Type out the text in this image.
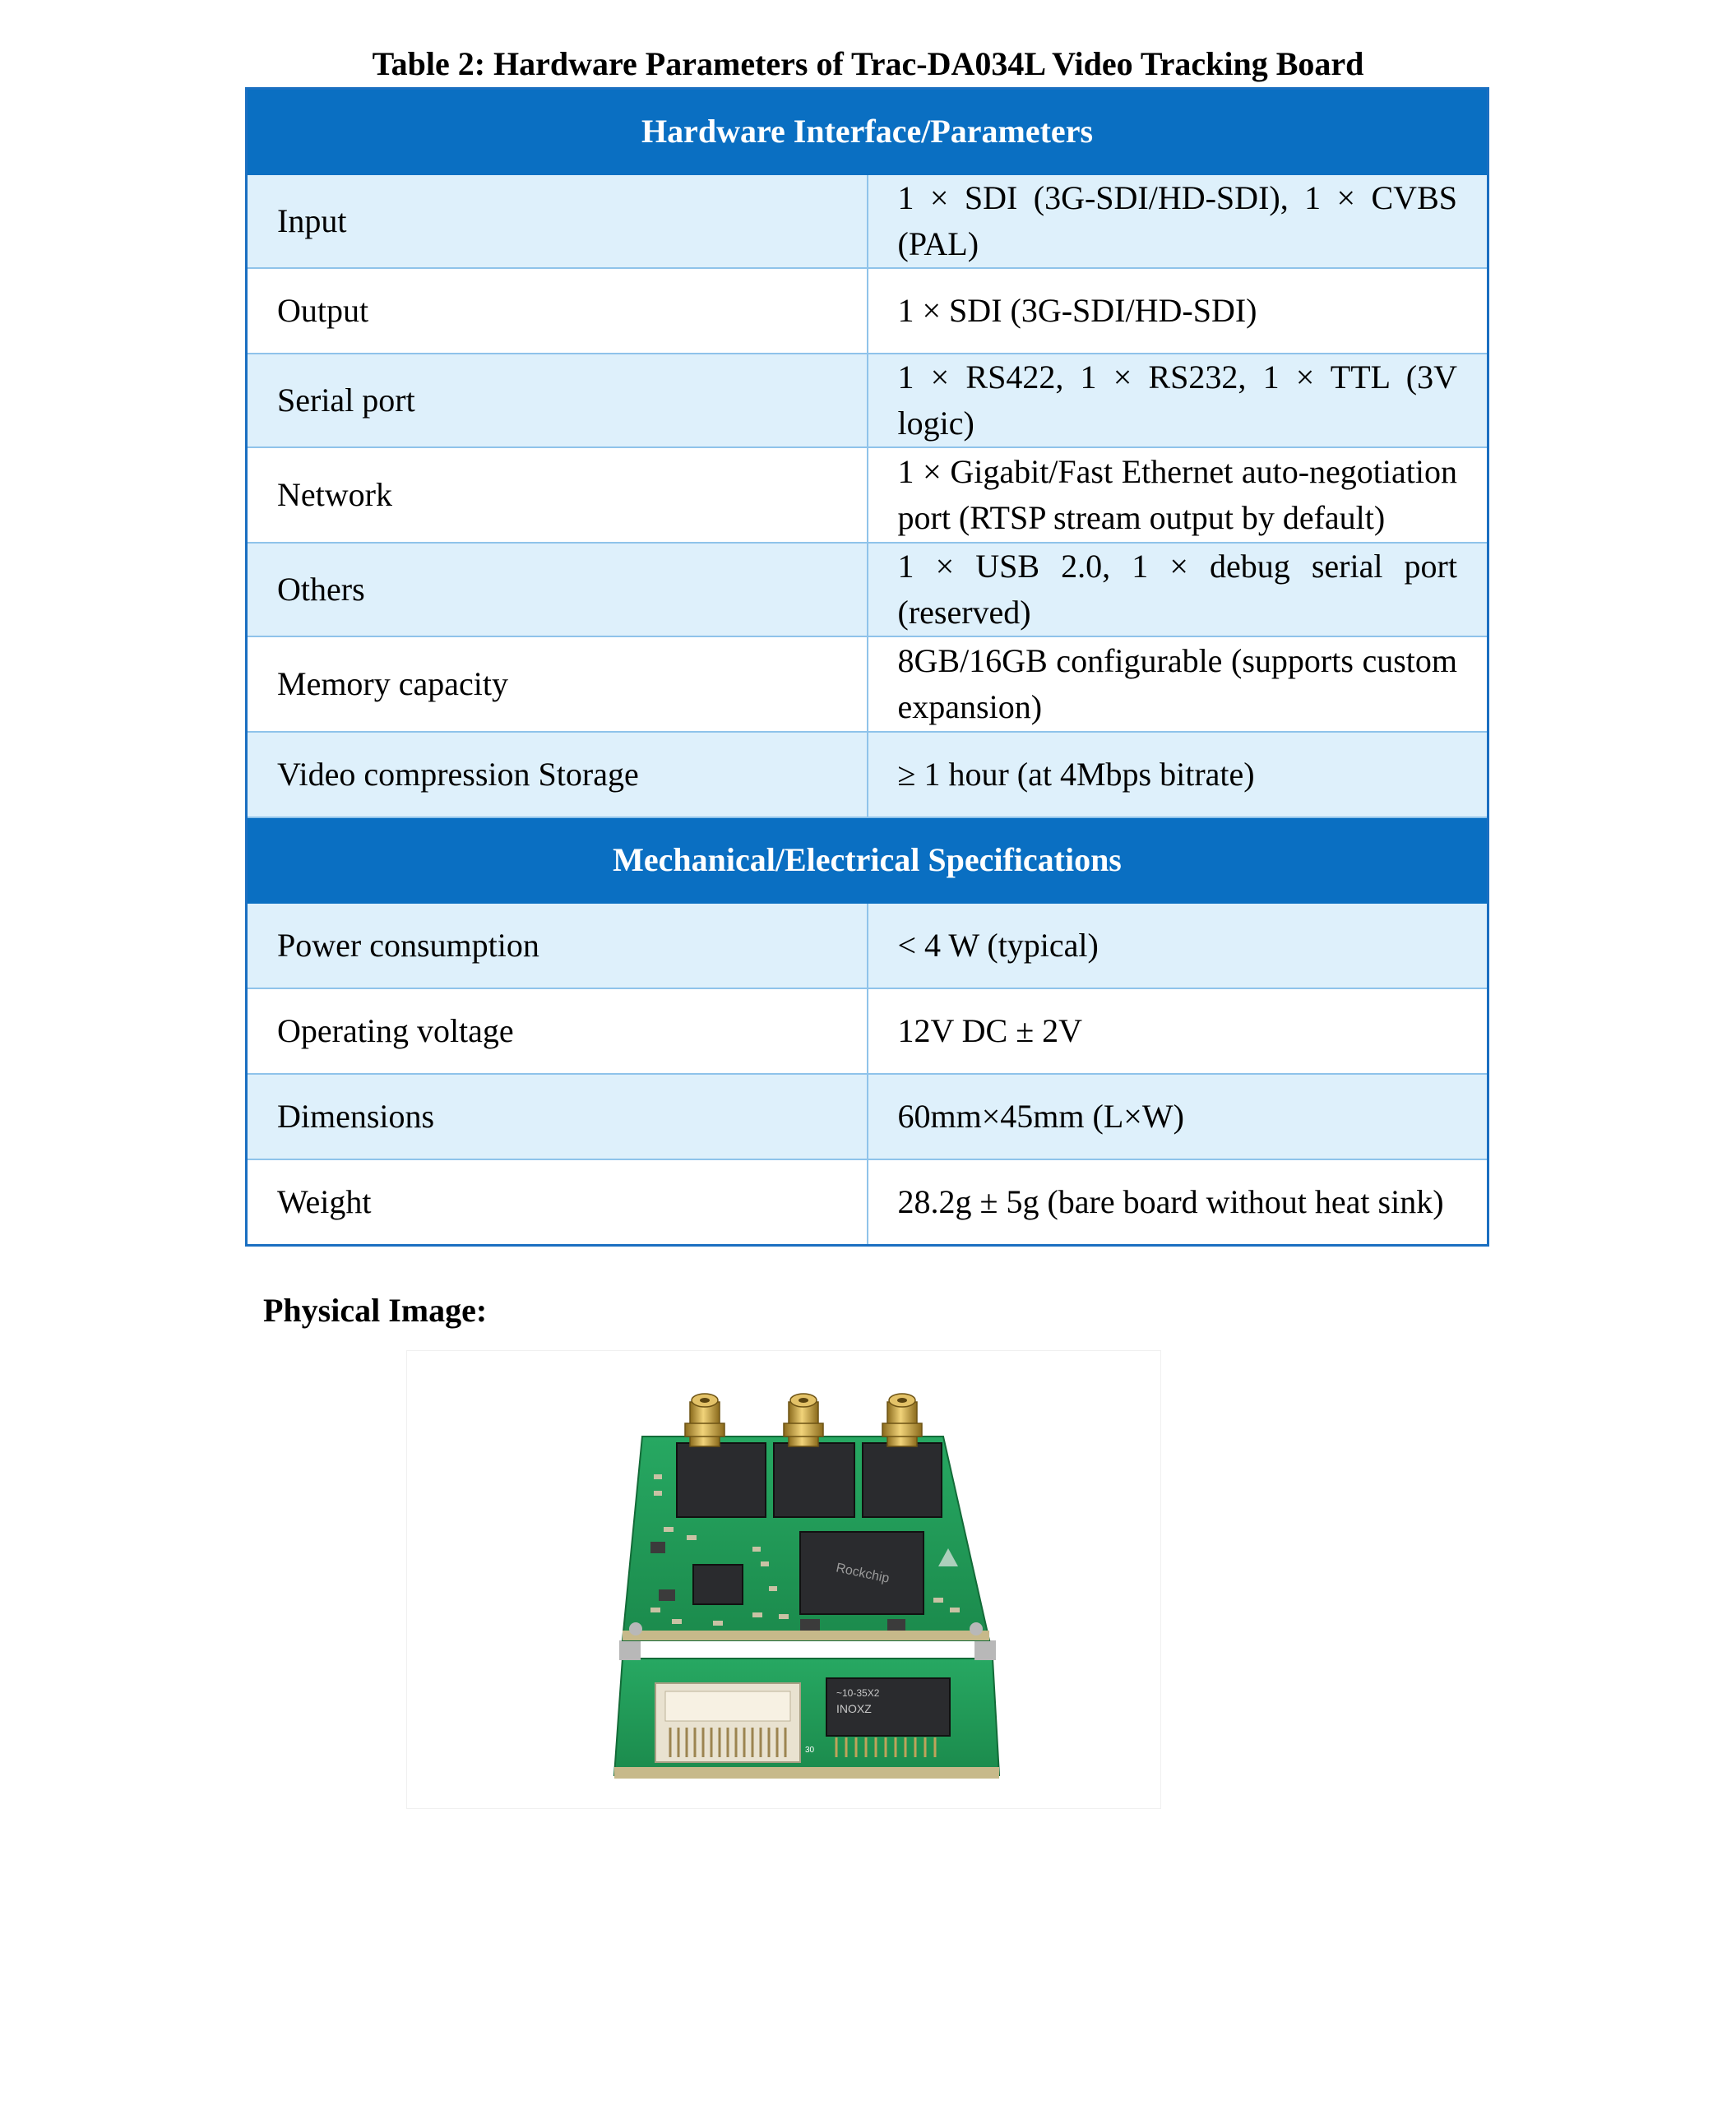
Table 2: Hardware Parameters of Trac-DA034L Video Tracking Board
Hardware Interface/Parameters	
Input	1 × SDI (3G-SDI/HD-SDI), 1 × CVBS (PAL)
Output	1 × SDI (3G-SDI/HD-SDI)
Serial port	1 × RS422, 1 × RS232, 1 × TTL (3V logic)
Network	1 × Gigabit/Fast Ethernet auto-negotiation port (RTSP stream output by default)
Others	1 × USB 2.0, 1 × debug serial port (reserved)
Memory capacity	8GB/16GB configurable (supports custom expansion)
Video compression Storage	≥ 1 hour (at 4Mbps bitrate)
Mechanical/Electrical Specifications	
Power consumption	< 4 W (typical)
Operating voltage	12V DC ± 2V
Dimensions	60mm×45mm (L×W)
Weight	28.2g ± 5g (bare board without heat sink)
Physical Image:
30
~10-35X2
INOXZ
Rockchip
